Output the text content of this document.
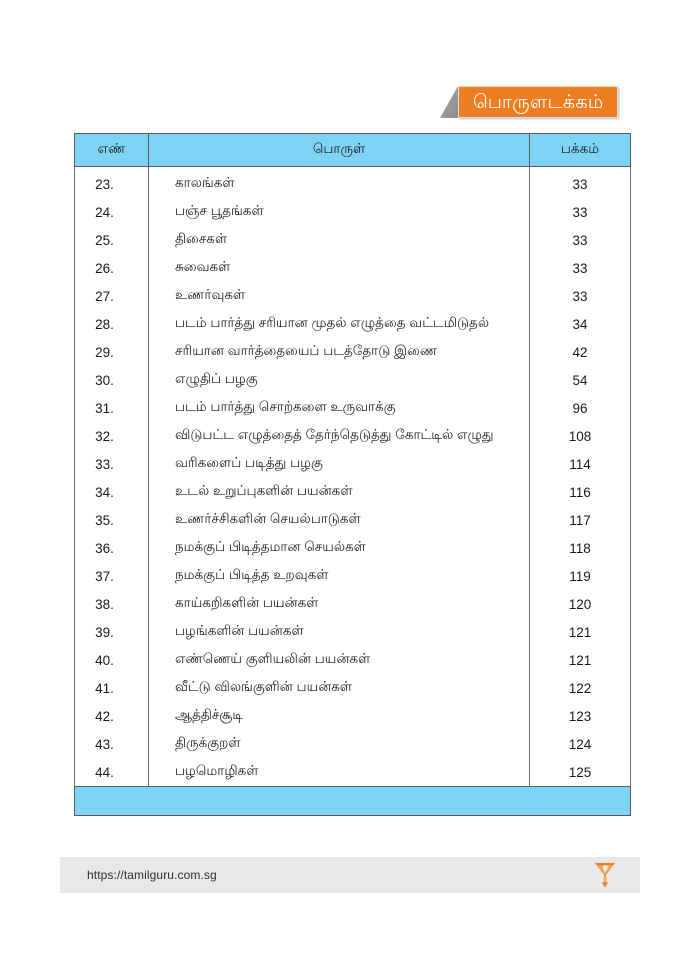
பொருளடக்கம்
எண்	பொருள்	பக்கம்
23.	காலங்கள்	33
24.	பஞ்ச பூதங்கள்	33
25.	திசைகள்	33
26.	சுவைகள்	33
27.	உணர்வுகள்	33
28.	படம் பார்த்து சரியான முதல் எழுத்தை வட்டமிடுதல்	34
29.	சரியான வார்த்தையைப் படத்தோடு இணை	42
30.	எழுதிப் பழகு	54
31.	படம் பார்த்து சொற்களை உருவாக்கு	96
32.	விடுபட்ட எழுத்தைத் தேர்ந்தெடுத்து கோட்டில் எழுது	108
33.	வரிகளைப் படித்து பழகு	114
34.	உடல் உறுப்புகளின் பயன்கள்	116
35.	உணர்ச்சிகளின் செயல்பாடுகள்	117
36.	நமக்குப் பிடித்தமான செயல்கள்	118
37.	நமக்குப் பிடித்த உறவுகள்	119
38.	காய்கறிகளின் பயன்கள்	120
39.	பழங்களின் பயன்கள்	121
40.	எண்ணெய் குளியலின் பயன்கள்	121
41.	வீட்டு விலங்குளின் பயன்கள்	122
42.	ஆத்திச்சூடி	123
43.	திருக்குறள்	124
44.	பழமொழிகள்	125

https://tamilguru.com.sg
